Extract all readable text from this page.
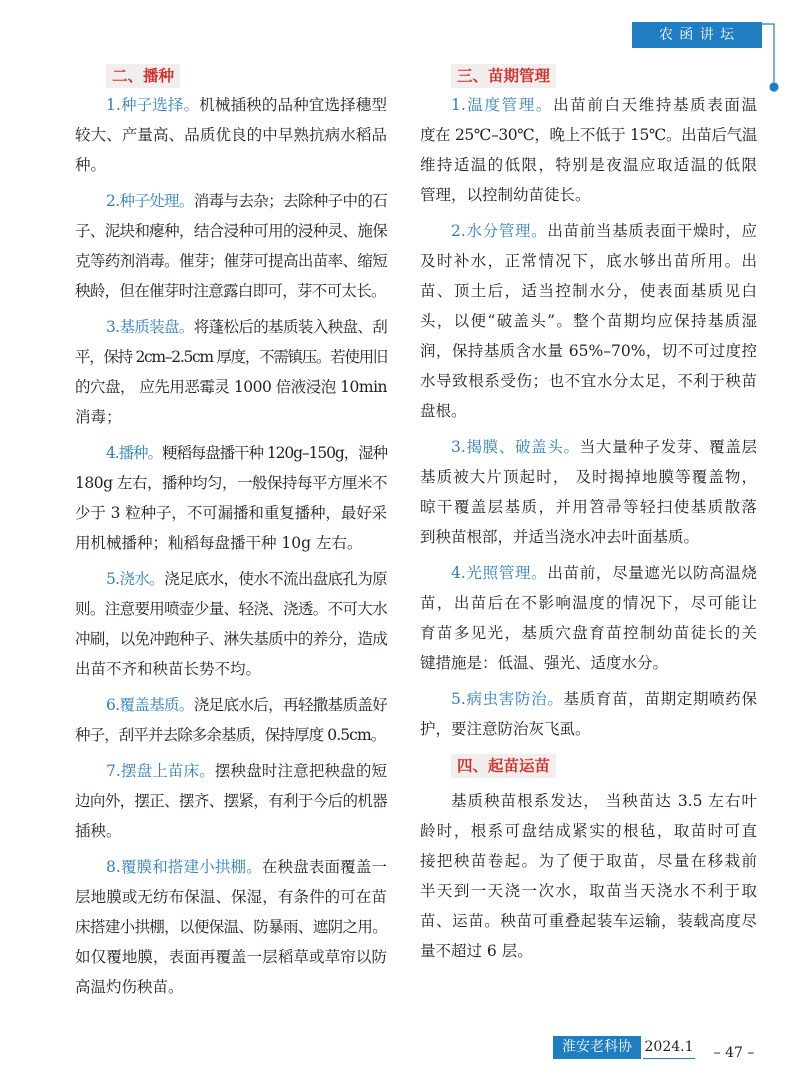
农 函 讲 坛
二、播种
1.种子选择。机械插秧的品种宜选择穗型
较大、产量高、品质优良的中早熟抗病水稻品
种。
2.种子处理。消毒与去杂；去除种子中的石
子、泥块和瘪种，结合浸种可用的浸种灵、施保
克等药剂消毒。催芽；催芽可提高出苗率、缩短
秧龄，但在催芽时注意露白即可，芽不可太长。
3.基质装盘。将蓬松后的基质装入秧盘、刮
平，保持 2cm–2.5cm 厚度，不需镇压。若使用旧
的穴盘， 应先用恶霉灵 1000 倍液浸泡 10min
消毒；
4.播种。粳稻每盘播干种 120g–150g，湿种
180g 左右，播种均匀，一般保持每平方厘米不
少于 3 粒种子，不可漏播和重复播种，最好采
用机械播种；籼稻每盘播干种 10g 左右。
5.浇水。浇足底水，使水不流出盘底孔为原
则。注意要用喷壶少量、轻浇、浇透。不可大水
冲刷，以免冲跑种子、淋失基质中的养分，造成
出苗不齐和秧苗长势不均。
6.覆盖基质。浇足底水后，再轻撒基质盖好
种子，刮平并去除多余基质，保持厚度 0.5cm。
7.摆盘上苗床。摆秧盘时注意把秧盘的短
边向外，摆正、摆齐、摆紧，有利于今后的机器
插秧。
8.覆膜和搭建小拱棚。在秧盘表面覆盖一
层地膜或无纺布保温、保湿，有条件的可在苗
床搭建小拱棚，以便保温、防暴雨、遮阴之用。
如仅覆地膜，表面再覆盖一层稻草或草帘以防
高温灼伤秧苗。
三、苗期管理
1.温度管理。出苗前白天维持基质表面温
度在 25℃–30℃，晚上不低于 15℃。出苗后气温
维持适温的低限，特别是夜温应取适温的低限
管理，以控制幼苗徒长。
2.水分管理。出苗前当基质表面干燥时，应
及时补水，正常情况下，底水够出苗所用。出
苗、顶土后，适当控制水分，使表面基质见白
头，以便“破盖头”。整个苗期均应保持基质湿
润，保持基质含水量 65%–70%，切不可过度控
水导致根系受伤；也不宜水分太足，不利于秧苗
盘根。
3.揭膜、破盖头。当大量种子发芽、覆盖层
基质被大片顶起时， 及时揭掉地膜等覆盖物，
晾干覆盖层基质，并用笤帚等轻扫使基质散落
到秧苗根部，并适当浇水冲去叶面基质。
4.光照管理。出苗前，尽量遮光以防高温烧
苗，出苗后在不影响温度的情况下，尽可能让
育苗多见光，基质穴盘育苗控制幼苗徒长的关
键措施是：低温、强光、适度水分。
5.病虫害防治。基质育苗，苗期定期喷药保
护，要注意防治灰飞虱。
四、起苗运苗
基质秧苗根系发达， 当秧苗达 3.5 左右叶
龄时，根系可盘结成紧实的根毡，取苗时可直
接把秧苗卷起。为了便于取苗，尽量在移栽前
半天到一天浇一次水，取苗当天浇水不利于取
苗、运苗。秧苗可重叠起装车运输，装载高度尽
量不超过 6 层。
淮安老科协 2024.1	– 47 –
